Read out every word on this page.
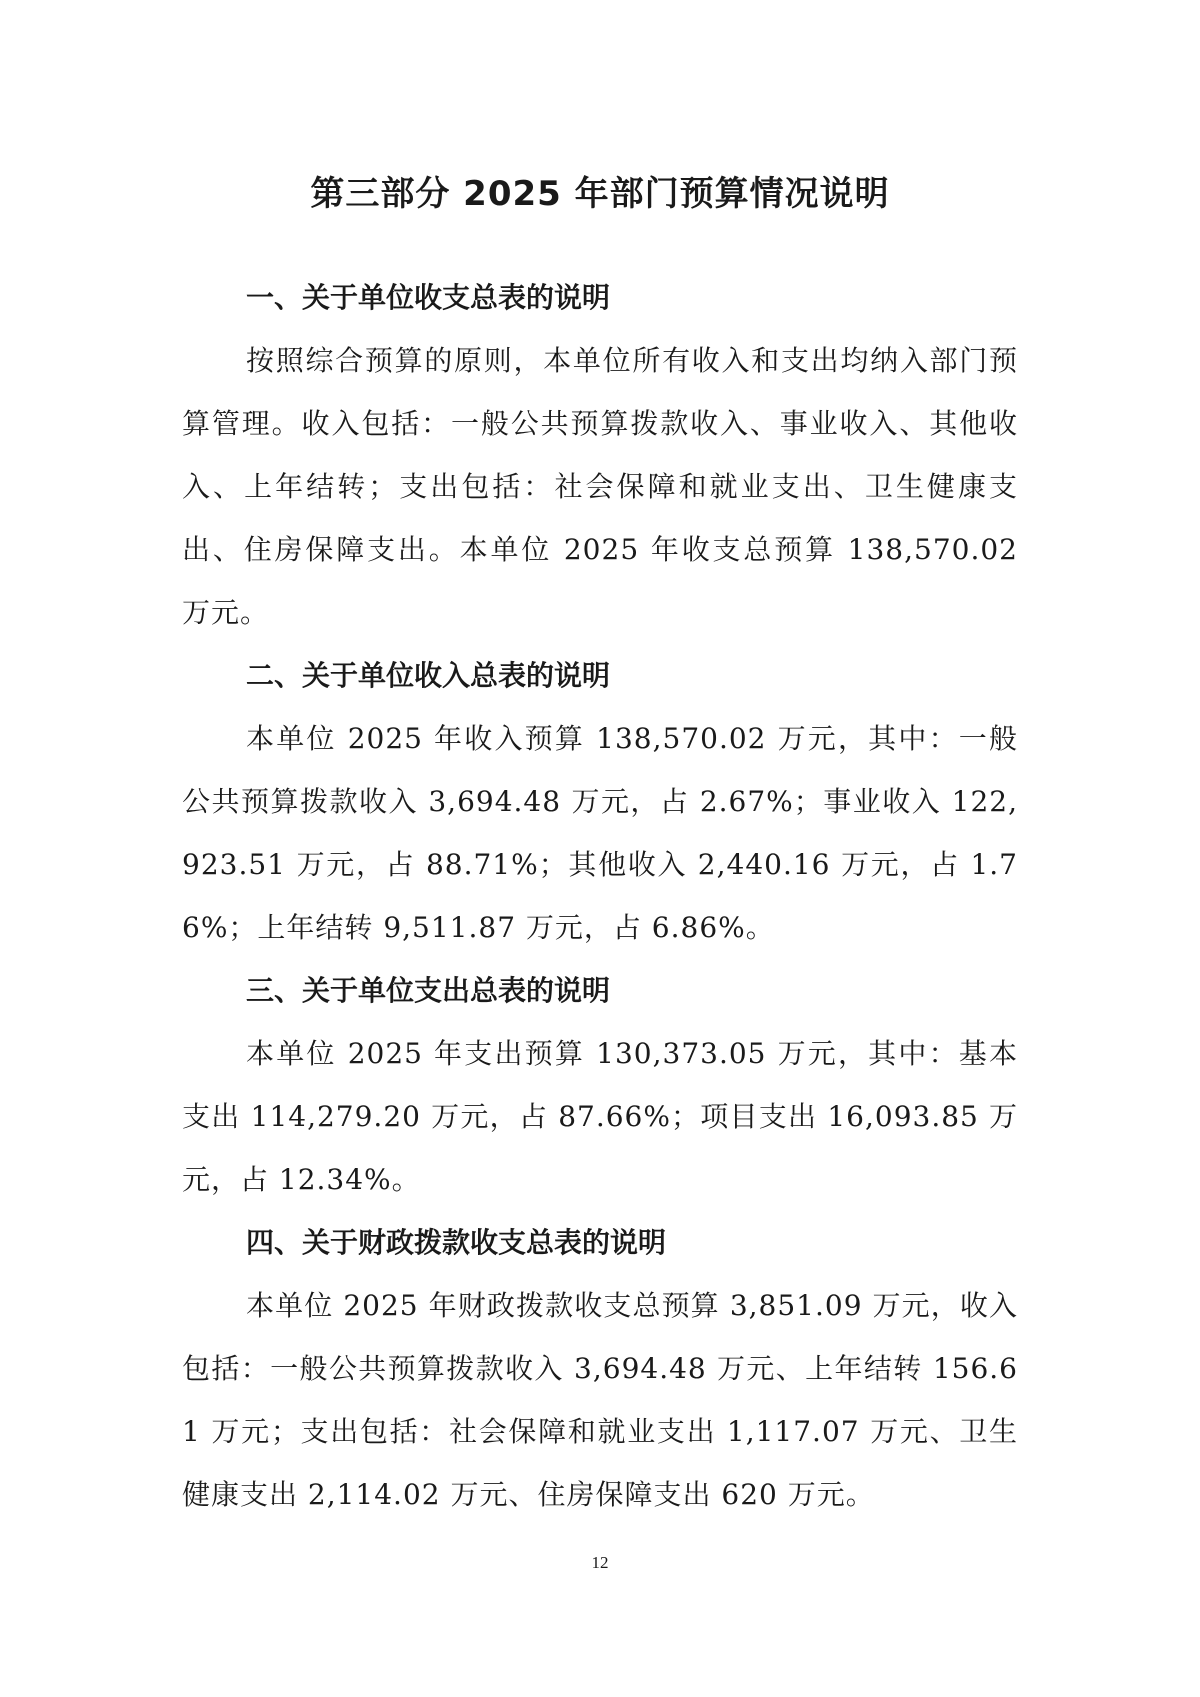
第三部分 2025 年部门预算情况说明
一、关于单位收支总表的说明

按照综合预算的原则，本单位所有收入和支出均纳入部门预算管理。收入包括：一般公共预算拨款收入、事业收入、其他收入、上年结转；支出包括：社会保障和就业支出、卫生健康支出、住房保障支出。本单位 2025 年收支总预算 138,570.02 万元。

二、关于单位收入总表的说明

本单位 2025 年收入预算 138,570.02 万元，其中：一般公共预算拨款收入 3,694.48 万元，占 2.67%；事业收入 122,923.51 万元，占 88.71%；其他收入 2,440.16 万元，占 1.76%；上年结转 9,511.87 万元，占 6.86%。

三、关于单位支出总表的说明

本单位 2025 年支出预算 130,373.05 万元，其中：基本支出 114,279.20 万元，占 87.66%；项目支出 16,093.85 万元，占 12.34%。

四、关于财政拨款收支总表的说明

本单位 2025 年财政拨款收支总预算 3,851.09 万元，收入包括：一般公共预算拨款收入 3,694.48 万元、上年结转 156.61 万元；支出包括：社会保障和就业支出 1,117.07 万元、卫生健康支出 2,114.02 万元、住房保障支出 620 万元。

12
